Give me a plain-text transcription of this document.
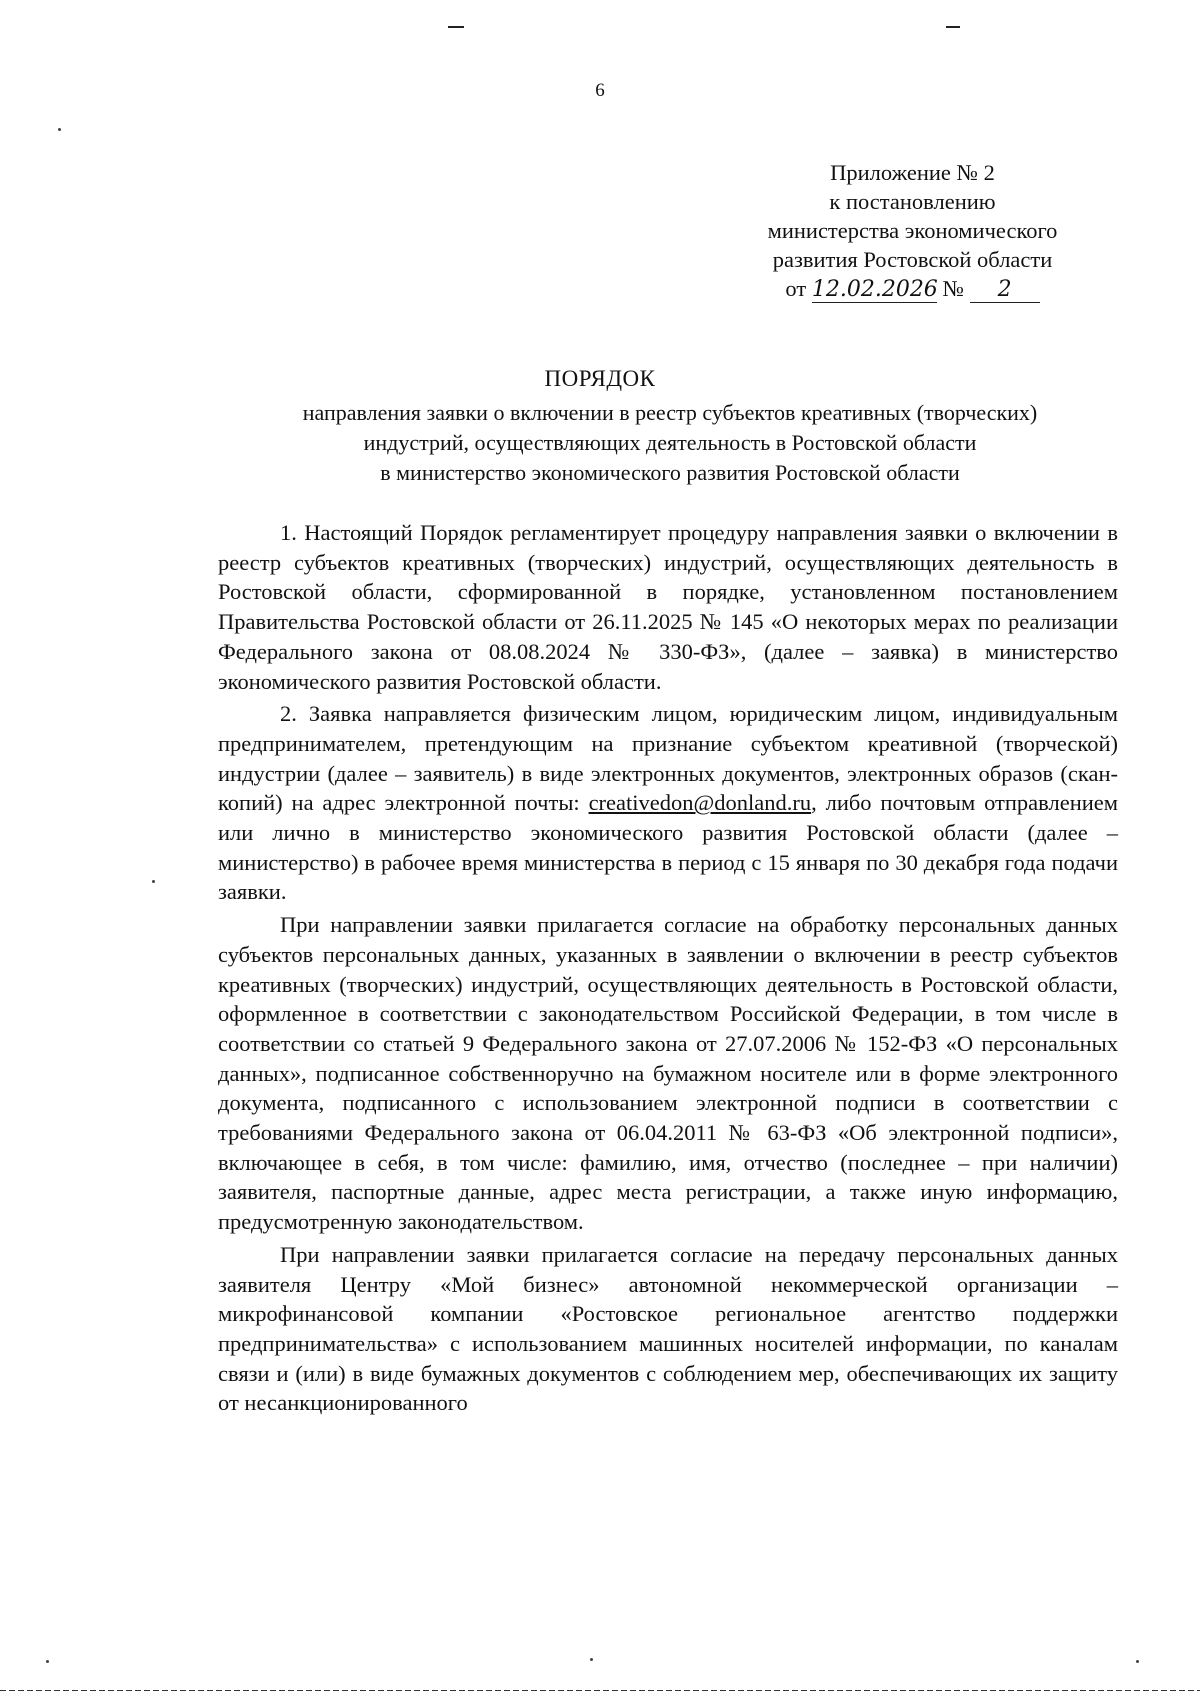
6
Приложение № 2
к постановлению
министерства экономического
развития Ростовской области
от 12.02.2026 № 2
ПОРЯДОК
направления заявки о включении в реестр субъектов креативных (творческих)
индустрий, осуществляющих деятельность в Ростовской области
в министерство экономического развития Ростовской области

1. Настоящий Порядок регламентирует процедуру направления заявки о включении в реестр субъектов креативных (творческих) индустрий, осуществляющих деятельность в Ростовской области, сформированной в порядке, установленном постановлением Правительства Ростовской области от 26.11.2025 № 145 «О некоторых мерах по реализации Федерального закона от 08.08.2024 № 330-ФЗ», (далее – заявка) в министерство экономического развития Ростовской области.

2. Заявка направляется физическим лицом, юридическим лицом, индивидуальным предпринимателем, претендующим на признание субъектом креативной (творческой) индустрии (далее – заявитель) в виде электронных документов, электронных образов (скан-копий) на адрес электронной почты: creativedon@donland.ru, либо почтовым отправлением или лично в министерство экономического развития Ростовской области (далее – министерство) в рабочее время министерства в период с 15 января по 30 декабря года подачи заявки.

При направлении заявки прилагается согласие на обработку персональных данных субъектов персональных данных, указанных в заявлении о включении в реестр субъектов креативных (творческих) индустрий, осуществляющих деятельность в Ростовской области, оформленное в соответствии с законодательством Российской Федерации, в том числе в соответствии со статьей 9 Федерального закона от 27.07.2006 № 152-ФЗ «О персональных данных», подписанное собственноручно на бумажном носителе или в форме электронного документа, подписанного с использованием электронной подписи в соответствии с требованиями Федерального закона от 06.04.2011 № 63-ФЗ «Об электронной подписи», включающее в себя, в том числе: фамилию, имя, отчество (последнее – при наличии) заявителя, паспортные данные, адрес места регистрации, а также иную информацию, предусмотренную законодательством.

При направлении заявки прилагается согласие на передачу персональных данных заявителя Центру «Мой бизнес» автономной некоммерческой организации – микрофинансовой компании «Ростовское региональное агентство поддержки предпринимательства» с использованием машинных носителей информации, по каналам связи и (или) в виде бумажных документов с соблюдением мер, обеспечивающих их защиту от несанкционированного
